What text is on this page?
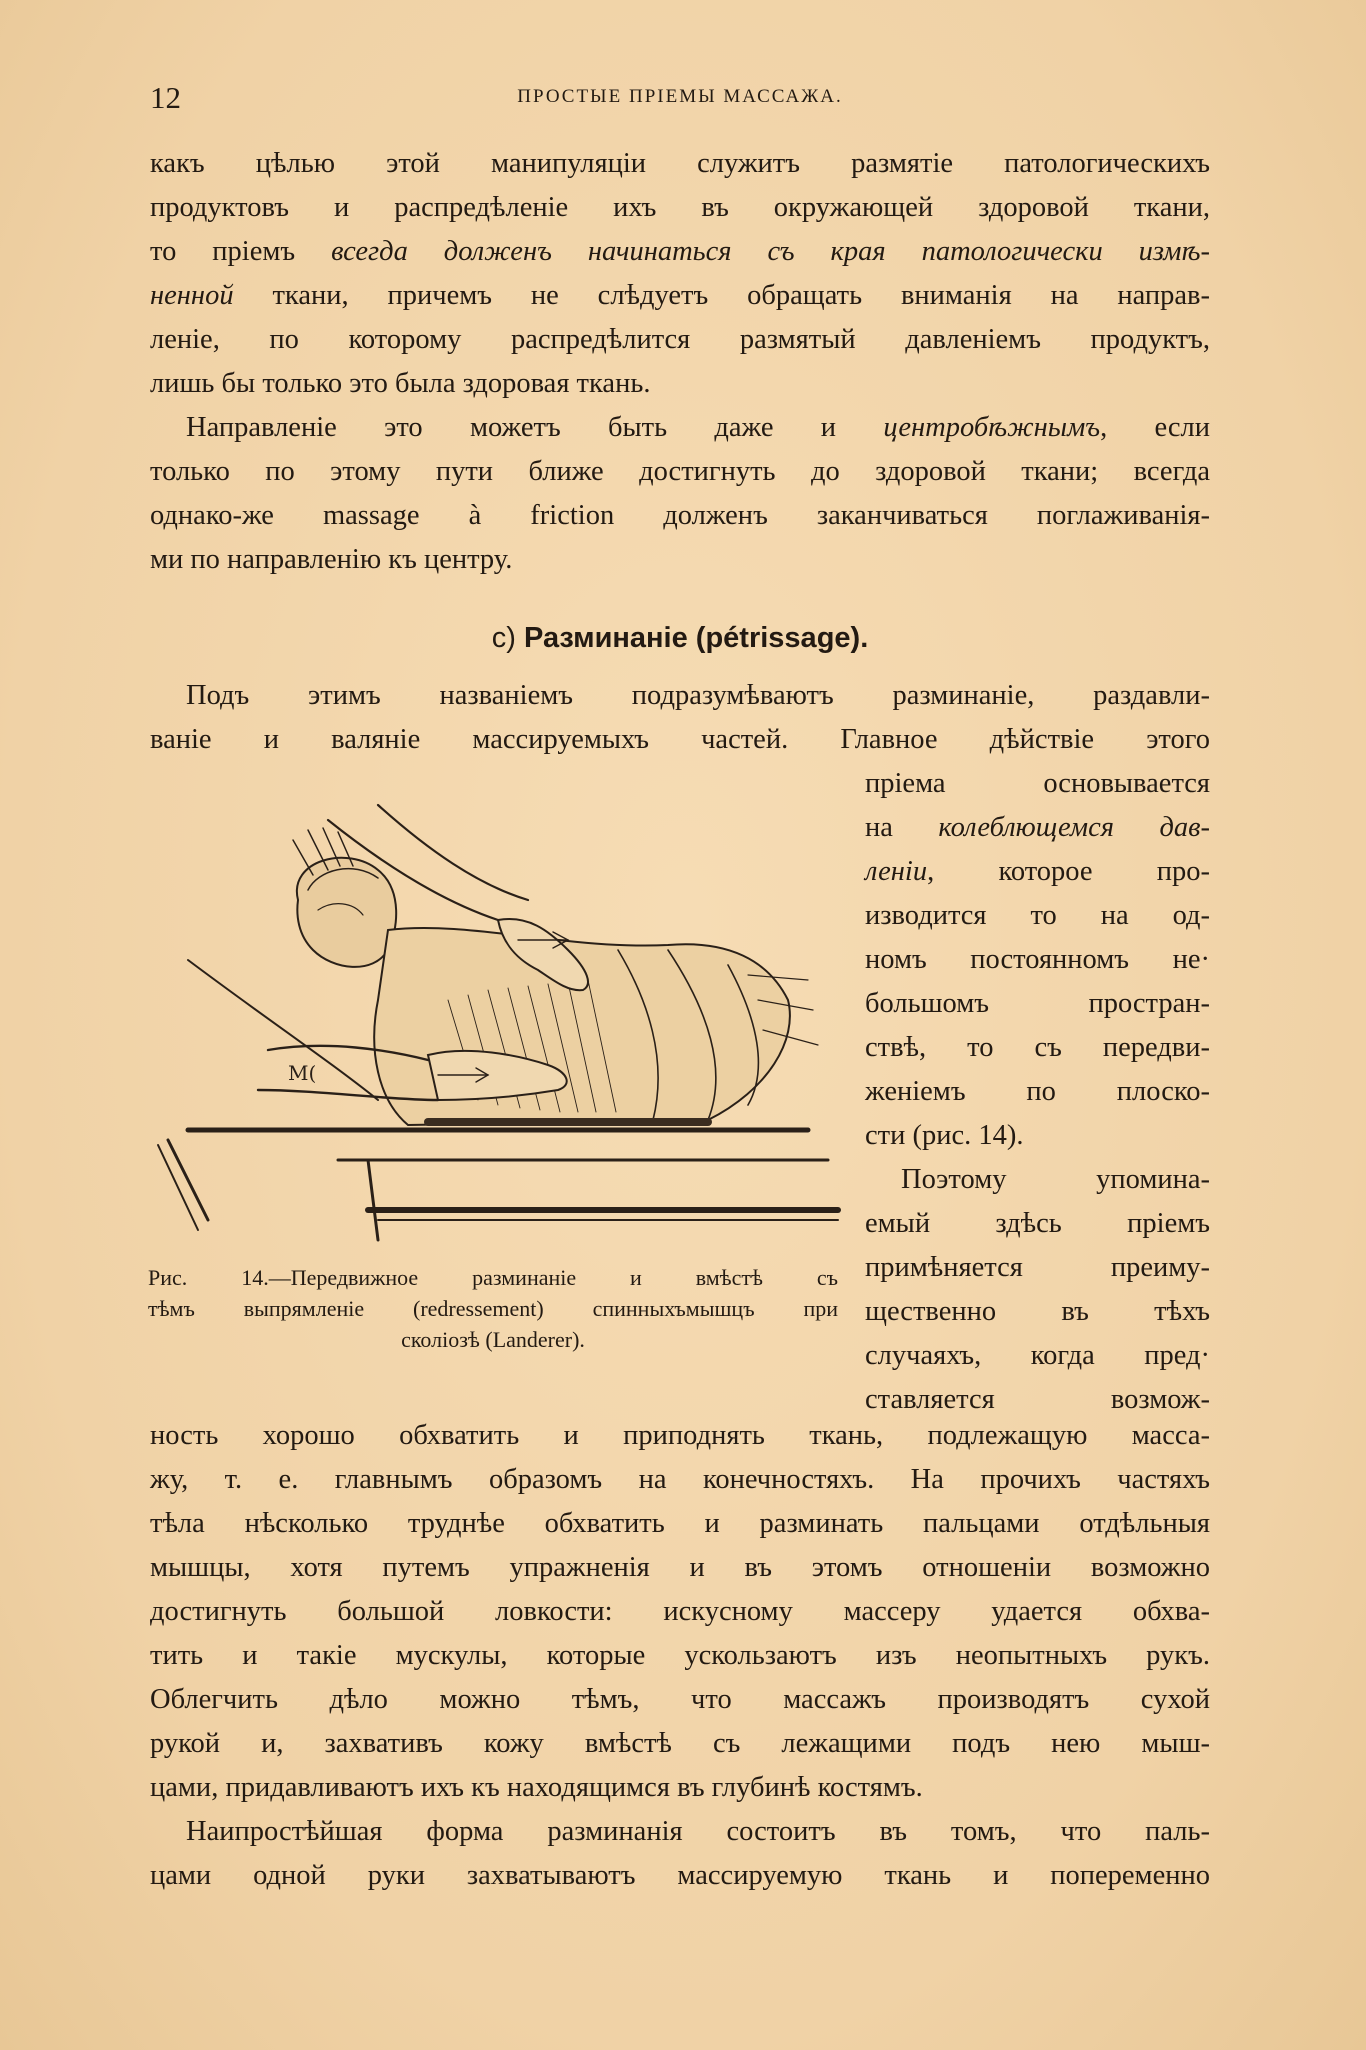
12	ПРОСТЫЕ ПРІЕМЫ МАССАЖА.
какъ цѣлью этой манипуляціи служитъ размятіе патологическихъ
продуктовъ и распредѣленіе ихъ въ окружающей здоровой ткани,
то пріемъ всегда долженъ начинаться съ края патологически измѣ-
ненной ткани, причемъ не слѣдуетъ обращать вниманія на направ-
леніе, по которому распредѣлится размятый давленіемъ продуктъ,
лишь бы только это была здоровая ткань.
Направленіе это можетъ быть даже и центробѣжнымъ, если
только по этому пути ближе достигнуть до здоровой ткани; всегда
однако-же massage à friction долженъ заканчиваться поглаживанія-
ми по направленію къ центру.
c) Разминаніе (pétrissage).
Подъ этимъ названіемъ подразумѣваютъ разминаніе, раздавли-
ваніе и валяніе массируемыхъ частей. Главное дѣйствіе этого
пріема основывается
на колеблющемся дав-
леніи, которое про-
изводится то на од-
номъ постоянномъ не·
большомъ простран-
ствѣ, то съ передви-
женіемъ по плоско-
сти (рис. 14).
Поэтому упомина-
емый здѣсь пріемъ
примѣняется преиму-
щественно въ тѣхъ
случаяхъ, когда пред·
ставляется возмож-
M(
Рис. 14.—Передвижное разминаніе и вмѣстѣ съ
тѣмъ выпрямленіе (redressement) спинныхъмышцъ при
сколіозѣ (Landerer).
ность хорошо обхватить и приподнять ткань, подлежащую масса-
жу, т. е. главнымъ образомъ на конечностяхъ. На прочихъ частяхъ
тѣла нѣсколько труднѣе обхватить и разминать пальцами отдѣльныя
мышцы, хотя путемъ упражненія и въ этомъ отношеніи возможно
достигнуть большой ловкости: искусному массеру удается обхва-
тить и такіе мускулы, которые ускользаютъ изъ неопытныхъ рукъ.
Облегчить дѣло можно тѣмъ, что массажъ производятъ сухой
рукой и, захвативъ кожу вмѣстѣ съ лежащими подъ нею мыш-
цами, придавливаютъ ихъ къ находящимся въ глубинѣ костямъ.
Наипростѣйшая форма разминанія состоитъ въ томъ, что паль-
цами одной руки захватываютъ массируемую ткань и попеременно
